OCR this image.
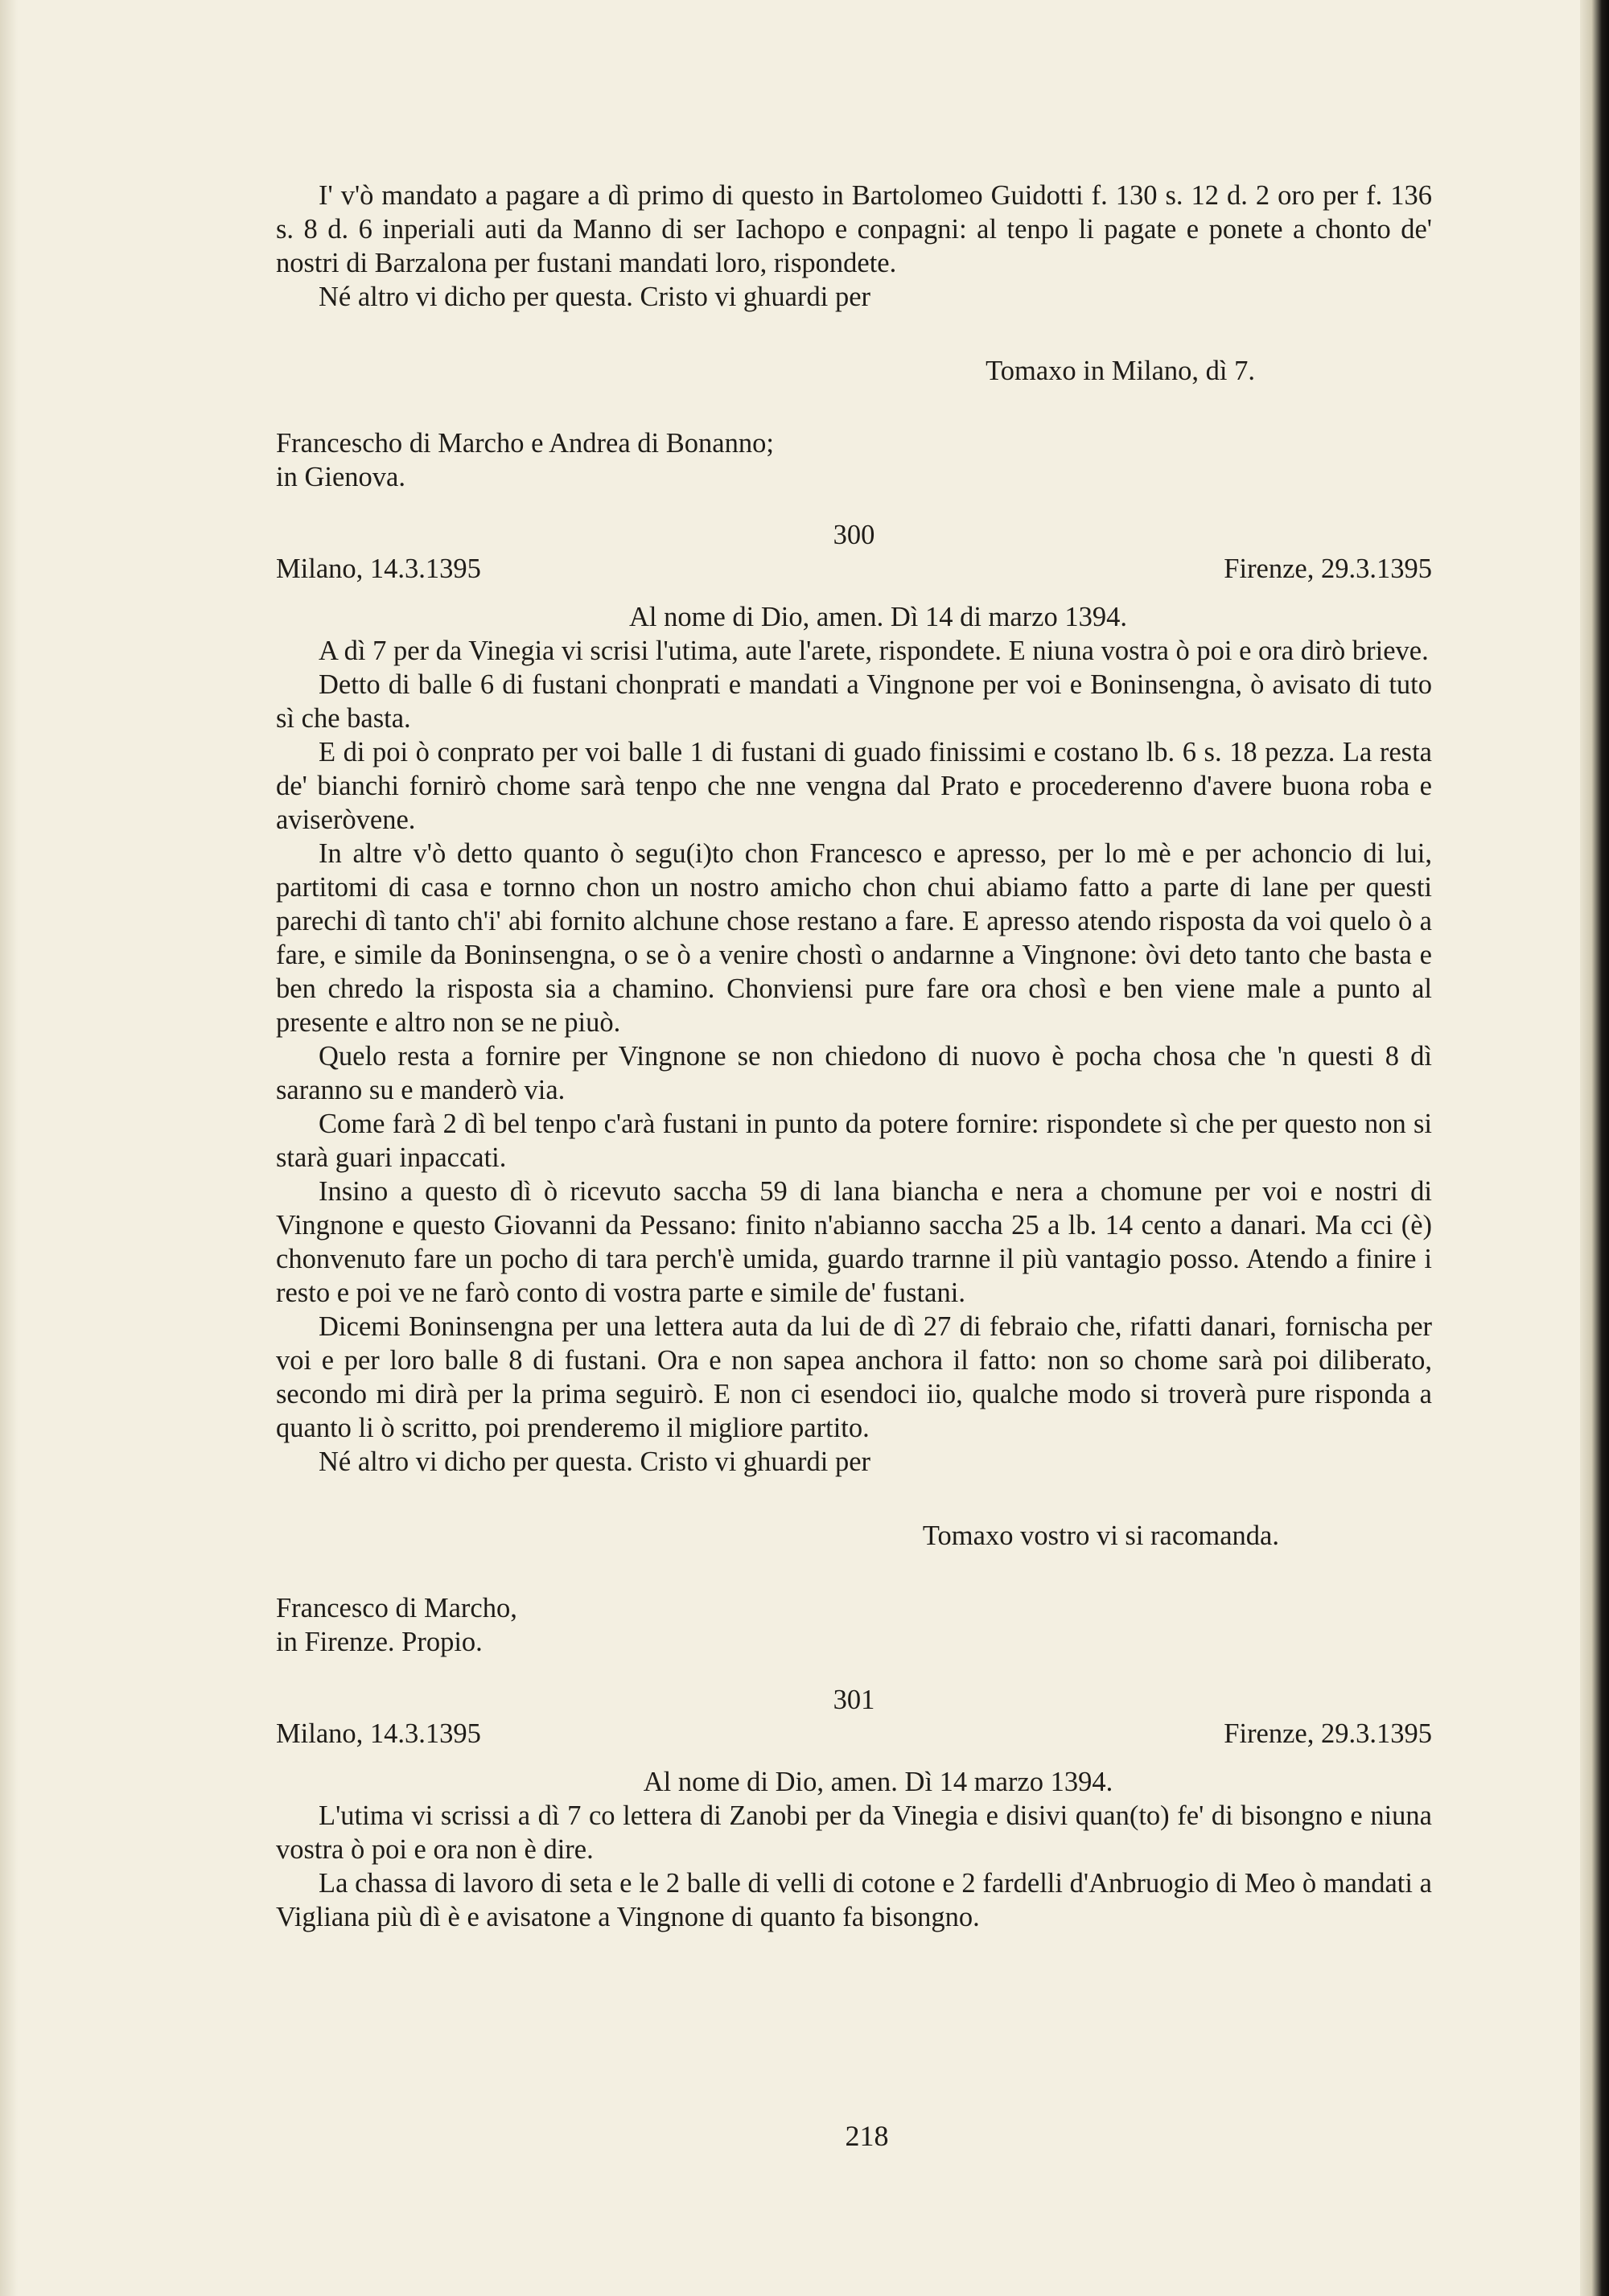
I' v'ò mandato a pagare a dì primo di questo in Bartolomeo Guidotti f. 130 s. 12 d. 2 oro per f. 136 s. 8 d. 6 inperiali auti da Manno di ser Iachopo e conpagni: al tenpo li pagate e ponete a chonto de' nostri di Barzalona per fustani mandati loro, rispondete.

Né altro vi dicho per questa. Cristo vi ghuardi per

Tomaxo in Milano, dì 7.
Francescho di Marcho e Andrea di Bonanno;
in Gienova.
300
Milano, 14.3.1395	Firenze, 29.3.1395
Al nome di Dio, amen. Dì 14 di marzo 1394.

A dì 7 per da Vinegia vi scrisi l'utima, aute l'arete, rispondete. E niuna vostra ò poi e ora dirò brieve.

Detto di balle 6 di fustani chonprati e mandati a Vingnone per voi e Boninsengna, ò avisato di tuto sì che basta.

E di poi ò conprato per voi balle 1 di fustani di guado finissimi e costano lb. 6 s. 18 pezza. La resta de' bianchi fornirò chome sarà tenpo che nne vengna dal Prato e procederenno d'avere buona roba e aviseròvene.

In altre v'ò detto quanto ò segu(i)to chon Francesco e apresso, per lo mè e per achoncio di lui, partitomi di casa e tornno chon un nostro amicho chon chui abiamo fatto a parte di lane per questi parechi dì tanto ch'i' abi fornito alchune chose restano a fare. E apresso atendo risposta da voi quelo ò a fare, e simile da Boninsengna, o se ò a venire chostì o andarnne a Vingnone: òvi deto tanto che basta e ben chredo la risposta sia a chamino. Chonviensi pure fare ora chosì e ben viene male a punto al presente e altro non se ne piuò.

Quelo resta a fornire per Vingnone se non chiedono di nuovo è pocha chosa che 'n questi 8 dì saranno su e manderò via.

Come farà 2 dì bel tenpo c'arà fustani in punto da potere fornire: rispondete sì che per questo non si starà guari inpaccati.

Insino a questo dì ò ricevuto saccha 59 di lana biancha e nera a chomune per voi e nostri di Vingnone e questo Giovanni da Pessano: finito n'abianno saccha 25 a lb. 14 cento a danari. Ma cci (è) chonvenuto fare un pocho di tara perch'è umida, guardo trarnne il più vantagio posso. Atendo a finire i resto e poi ve ne farò conto di vostra parte e simile de' fustani.

Dicemi Boninsengna per una lettera auta da lui de dì 27 di febraio che, rifatti danari, fornischa per voi e per loro balle 8 di fustani. Ora e non sapea anchora il fatto: non so chome sarà poi diliberato, secondo mi dirà per la prima seguirò. E non ci esendoci iio, qualche modo si troverà pure risponda a quanto li ò scritto, poi prenderemo il migliore partito.

Né altro vi dicho per questa. Cristo vi ghuardi per

Tomaxo vostro vi si racomanda.
Francesco di Marcho,
in Firenze. Propio.
301
Milano, 14.3.1395	Firenze, 29.3.1395
Al nome di Dio, amen. Dì 14 marzo 1394.

L'utima vi scrissi a dì 7 co lettera di Zanobi per da Vinegia e disivi quan(to) fe' di bisongno e niuna vostra ò poi e ora non è dire.

La chassa di lavoro di seta e le 2 balle di velli di cotone e 2 fardelli d'Anbruogio di Meo ò mandati a Vigliana più dì è e avisatone a Vingnone di quanto fa bisongno.

218
